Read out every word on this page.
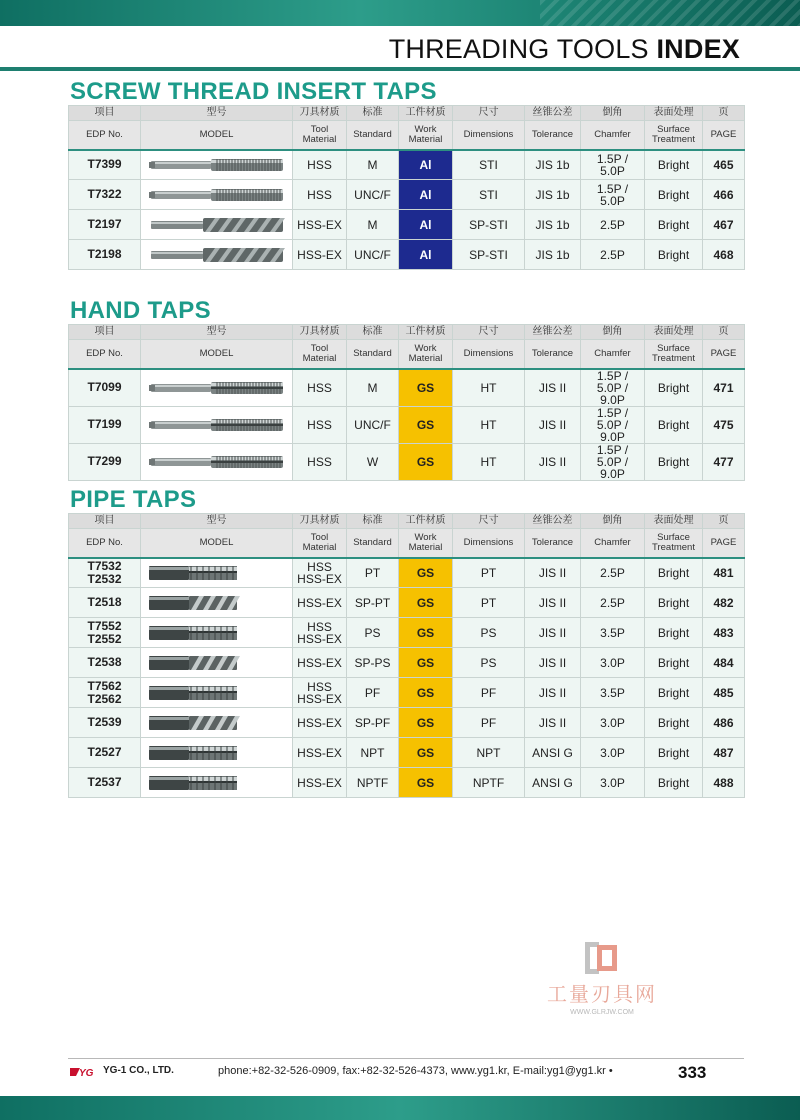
THREADING TOOLS INDEX
SCREW THREAD INSERT TAPS
项目	型号	刀具材质	标准	工件材质	尺寸	丝锥公差	倒角	表面处理	页
EDP No.	MODEL	Tool Material	Standard	Work Material	Dimensions	Tolerance	Chamfer	Surface Treatment	PAGE
T7399		HSS	M	Al	STI	JIS 1b	1.5P / 5.0P	Bright	465
T7322		HSS	UNC/F	Al	STI	JIS 1b	1.5P / 5.0P	Bright	466
T2197		HSS-EX	M	Al	SP-STI	JIS 1b	2.5P	Bright	467
T2198		HSS-EX	UNC/F	Al	SP-STI	JIS 1b	2.5P	Bright	468
HAND TAPS
项目	型号	刀具材质	标准	工件材质	尺寸	丝锥公差	倒角	表面处理	页
EDP No.	MODEL	Tool Material	Standard	Work Material	Dimensions	Tolerance	Chamfer	Surface Treatment	PAGE
T7099		HSS	M	GS	HT	JIS II	1.5P / 5.0P / 9.0P	Bright	471
T7199		HSS	UNC/F	GS	HT	JIS II	1.5P / 5.0P / 9.0P	Bright	475
T7299		HSS	W	GS	HT	JIS II	1.5P / 5.0P / 9.0P	Bright	477
PIPE TAPS
项目	型号	刀具材质	标准	工件材质	尺寸	丝锥公差	倒角	表面处理	页
EDP No.	MODEL	Tool Material	Standard	Work Material	Dimensions	Tolerance	Chamfer	Surface Treatment	PAGE
T7532 T2532		HSS HSS-EX	PT	GS	PT	JIS II	2.5P	Bright	481
T2518		HSS-EX	SP-PT	GS	PT	JIS II	2.5P	Bright	482
T7552 T2552		HSS HSS-EX	PS	GS	PS	JIS II	3.5P	Bright	483
T2538		HSS-EX	SP-PS	GS	PS	JIS II	3.0P	Bright	484
T7562 T2562		HSS HSS-EX	PF	GS	PF	JIS II	3.5P	Bright	485
T2539		HSS-EX	SP-PF	GS	PF	JIS II	3.0P	Bright	486
T2527		HSS-EX	NPT	GS	NPT	ANSI G	3.0P	Bright	487
T2537		HSS-EX	NPTF	GS	NPTF	ANSI G	3.0P	Bright	488
工量刃具网
WWW.GLRJW.COM
YG YG-1 CO., LTD.	phone:+82-32-526-0909, fax:+82-32-526-4373, www.yg1.kr, E-mail:yg1@yg1.kr •	333
